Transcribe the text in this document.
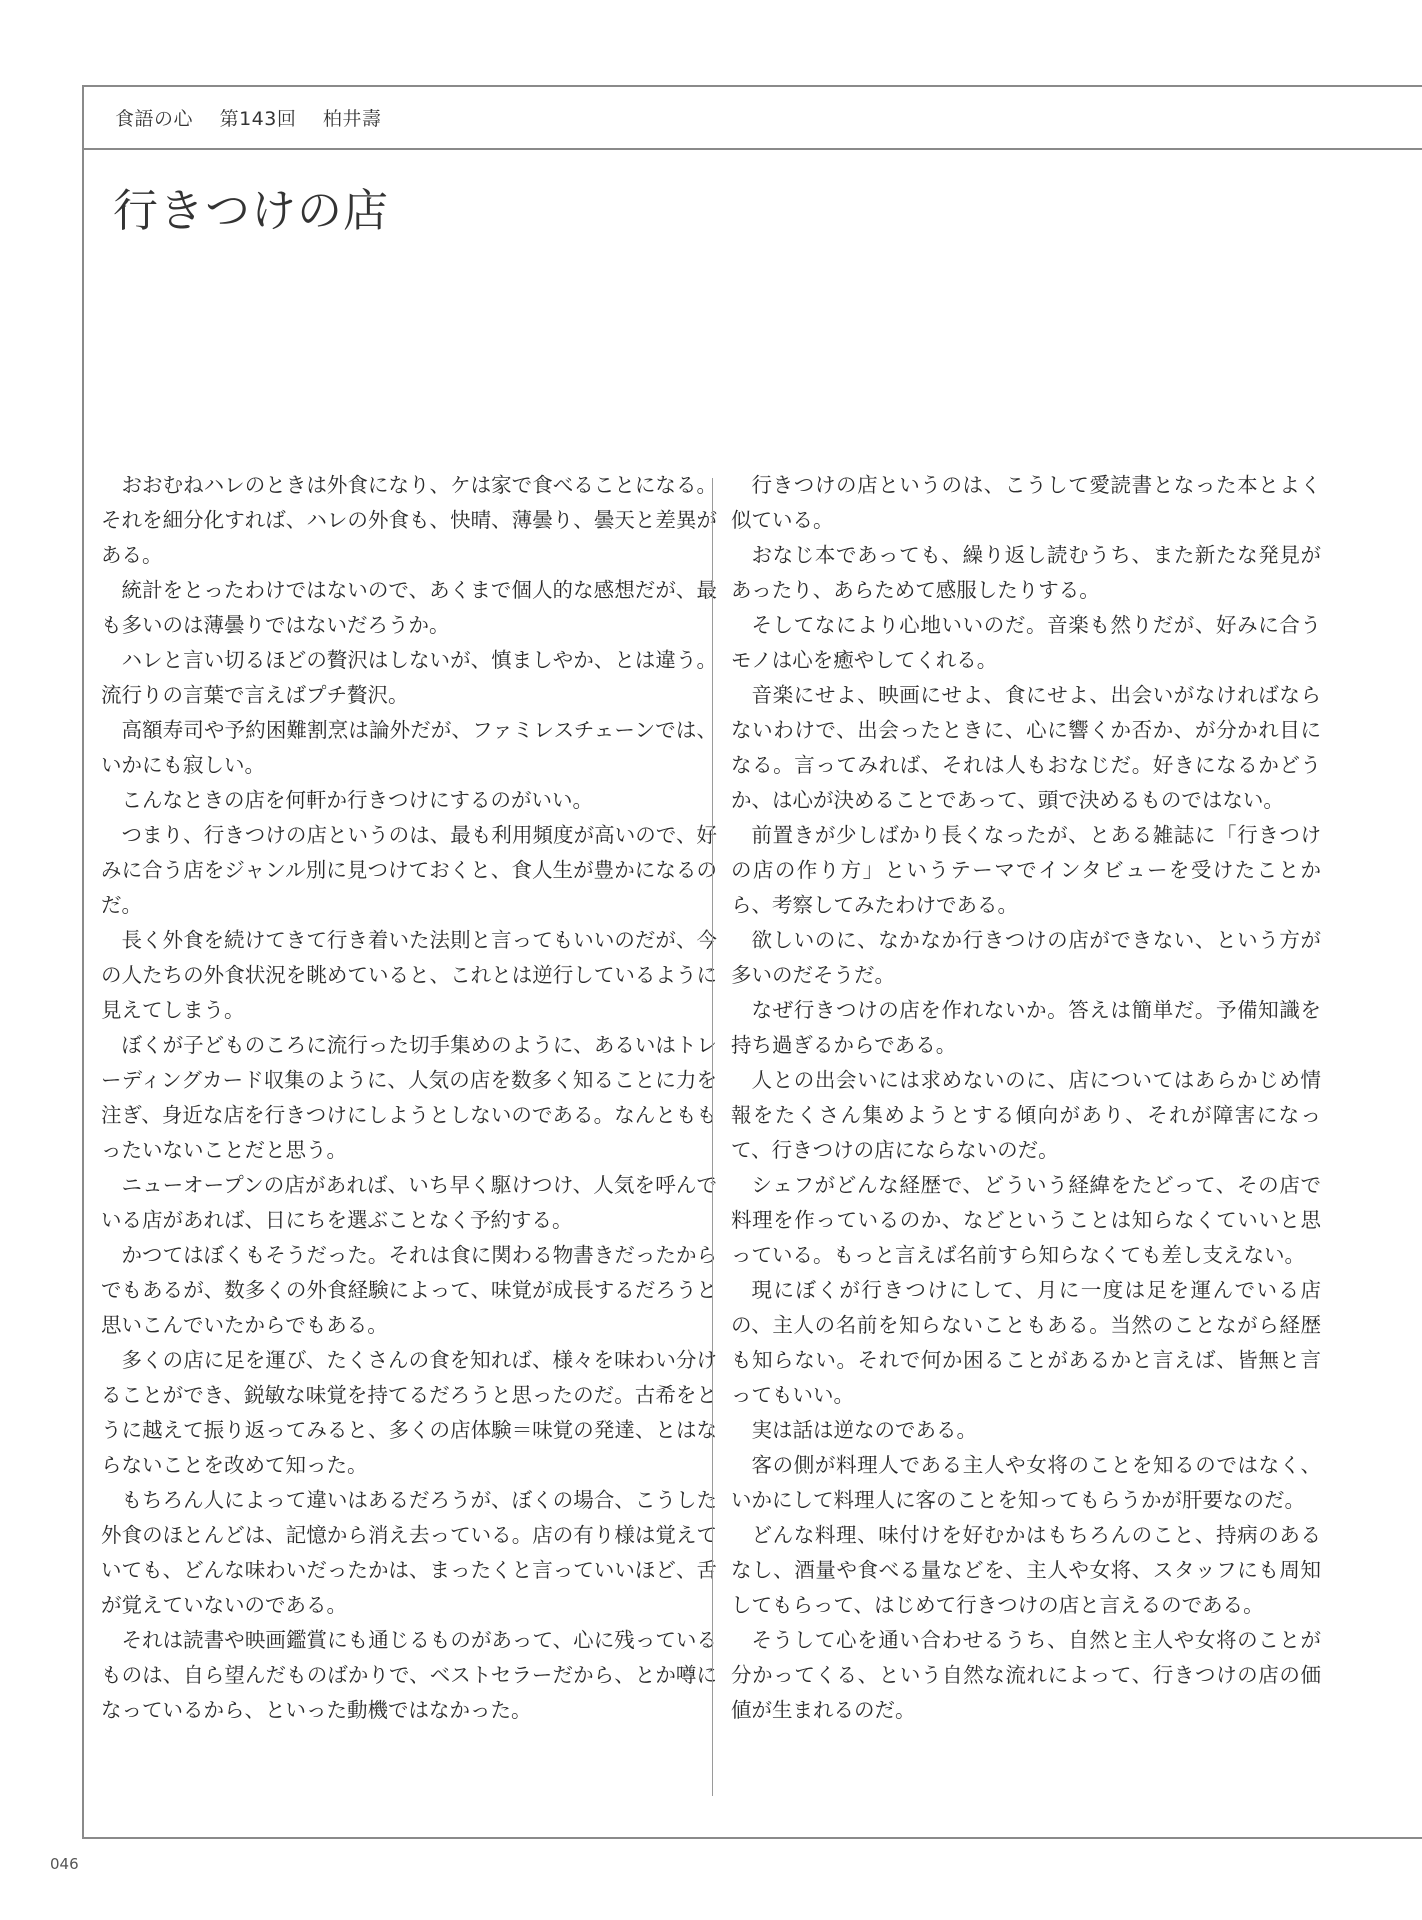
食語の心 第143回 柏井壽
行きつけの店

おおむねハレのときは外食になり、ケは家で食べることになる。それを細分化すれば、ハレの外食も、快晴、薄曇り、曇天と差異がある。

統計をとったわけではないので、あくまで個人的な感想だが、最も多いのは薄曇りではないだろうか。

ハレと言い切るほどの贅沢はしないが、慎ましやか、とは違う。流行りの言葉で言えばプチ贅沢。

高額寿司や予約困難割烹は論外だが、ファミレスチェーンでは、いかにも寂しい。

こんなときの店を何軒か行きつけにするのがいい。

つまり、行きつけの店というのは、最も利用頻度が高いので、好みに合う店をジャンル別に見つけておくと、食人生が豊かになるのだ。

長く外食を続けてきて行き着いた法則と言ってもいいのだが、今の人たちの外食状況を眺めていると、これとは逆行しているように見えてしまう。

ぼくが子どものころに流行った切手集めのように、あるいはトレーディングカード収集のように、人気の店を数多く知ることに力を注ぎ、身近な店を行きつけにしようとしないのである。なんとももったいないことだと思う。

ニューオープンの店があれば、いち早く駆けつけ、人気を呼んでいる店があれば、日にちを選ぶことなく予約する。

かつてはぼくもそうだった。それは食に関わる物書きだったからでもあるが、数多くの外食経験によって、味覚が成長するだろうと思いこんでいたからでもある。

多くの店に足を運び、たくさんの食を知れば、様々を味わい分けることができ、鋭敏な味覚を持てるだろうと思ったのだ。古希をとうに越えて振り返ってみると、多くの店体験＝味覚の発達、とはならないことを改めて知った。

もちろん人によって違いはあるだろうが、ぼくの場合、こうした外食のほとんどは、記憶から消え去っている。店の有り様は覚えていても、どんな味わいだったかは、まったくと言っていいほど、舌が覚えていないのである。

それは読書や映画鑑賞にも通じるものがあって、心に残っているものは、自ら望んだものばかりで、ベストセラーだから、とか噂になっているから、といった動機ではなかった。

行きつけの店というのは、こうして愛読書となった本とよく似ている。

おなじ本であっても、繰り返し読むうち、また新たな発見があったり、あらためて感服したりする。

そしてなにより心地いいのだ。音楽も然りだが、好みに合うモノは心を癒やしてくれる。

音楽にせよ、映画にせよ、食にせよ、出会いがなければならないわけで、出会ったときに、心に響くか否か、が分かれ目になる。言ってみれば、それは人もおなじだ。好きになるかどうか、は心が決めることであって、頭で決めるものではない。

前置きが少しばかり長くなったが、とある雑誌に「行きつけの店の作り方」というテーマでインタビューを受けたことから、考察してみたわけである。

欲しいのに、なかなか行きつけの店ができない、という方が多いのだそうだ。

なぜ行きつけの店を作れないか。答えは簡単だ。予備知識を持ち過ぎるからである。

人との出会いには求めないのに、店についてはあらかじめ情報をたくさん集めようとする傾向があり、それが障害になって、行きつけの店にならないのだ。

シェフがどんな経歴で、どういう経緯をたどって、その店で料理を作っているのか、などということは知らなくていいと思っている。もっと言えば名前すら知らなくても差し支えない。

現にぼくが行きつけにして、月に一度は足を運んでいる店の、主人の名前を知らないこともある。当然のことながら経歴も知らない。それで何か困ることがあるかと言えば、皆無と言ってもいい。

実は話は逆なのである。

客の側が料理人である主人や女将のことを知るのではなく、いかにして料理人に客のことを知ってもらうかが肝要なのだ。

どんな料理、味付けを好むかはもちろんのこと、持病のあるなし、酒量や食べる量などを、主人や女将、スタッフにも周知してもらって、はじめて行きつけの店と言えるのである。

そうして心を通い合わせるうち、自然と主人や女将のことが分かってくる、という自然な流れによって、行きつけの店の価値が生まれるのだ。

046
